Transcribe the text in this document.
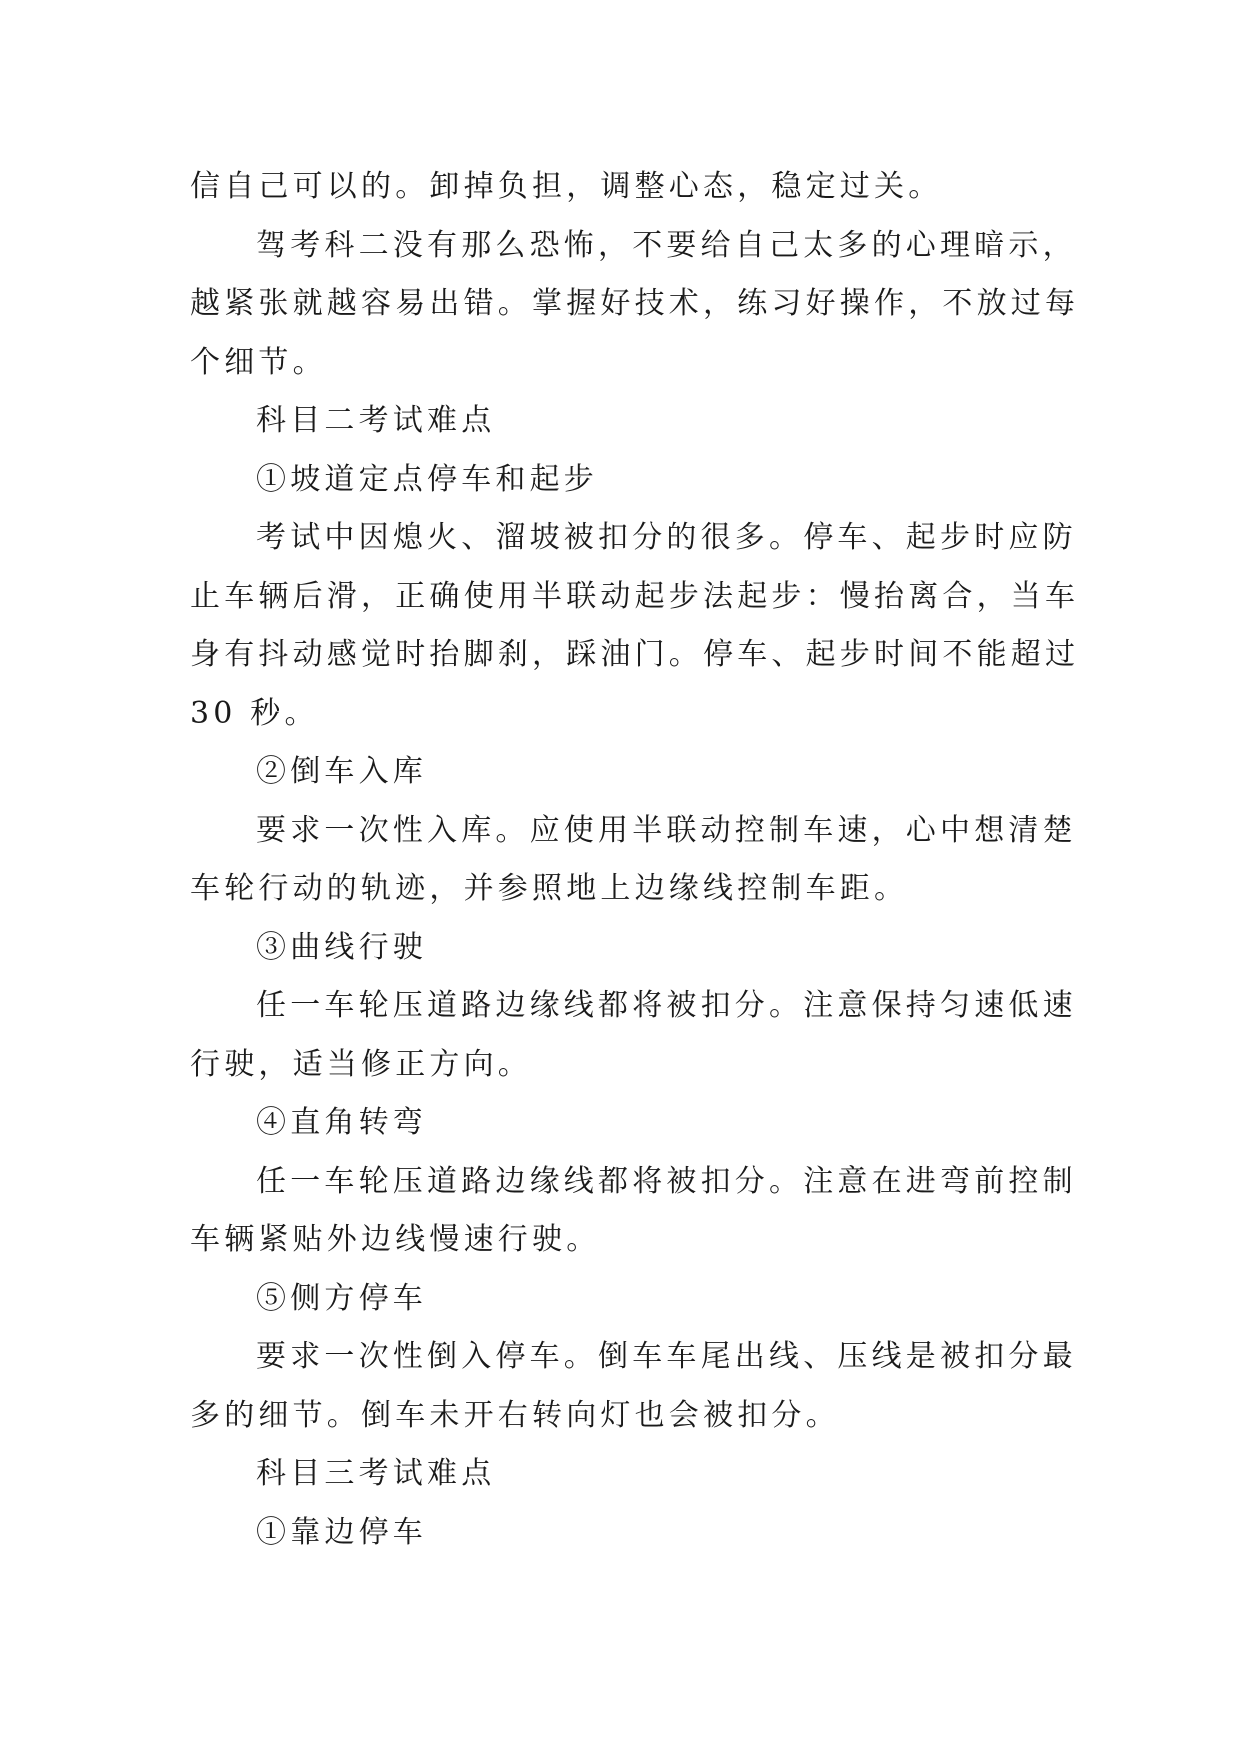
信自己可以的。卸掉负担，调整心态，稳定过关。
驾考科二没有那么恐怖，不要给自己太多的心理暗示，
越紧张就越容易出错。掌握好技术，练习好操作，不放过每
个细节。
科目二考试难点
①坡道定点停车和起步
考试中因熄火、溜坡被扣分的很多。停车、起步时应防
止车辆后滑，正确使用半联动起步法起步：慢抬离合，当车
身有抖动感觉时抬脚刹，踩油门。停车、起步时间不能超过
30 秒。
②倒车入库
要求一次性入库。应使用半联动控制车速，心中想清楚
车轮行动的轨迹，并参照地上边缘线控制车距。
③曲线行驶
任一车轮压道路边缘线都将被扣分。注意保持匀速低速
行驶，适当修正方向。
④直角转弯
任一车轮压道路边缘线都将被扣分。注意在进弯前控制
车辆紧贴外边线慢速行驶。
⑤侧方停车
要求一次性倒入停车。倒车车尾出线、压线是被扣分最
多的细节。倒车未开右转向灯也会被扣分。
科目三考试难点
①靠边停车
